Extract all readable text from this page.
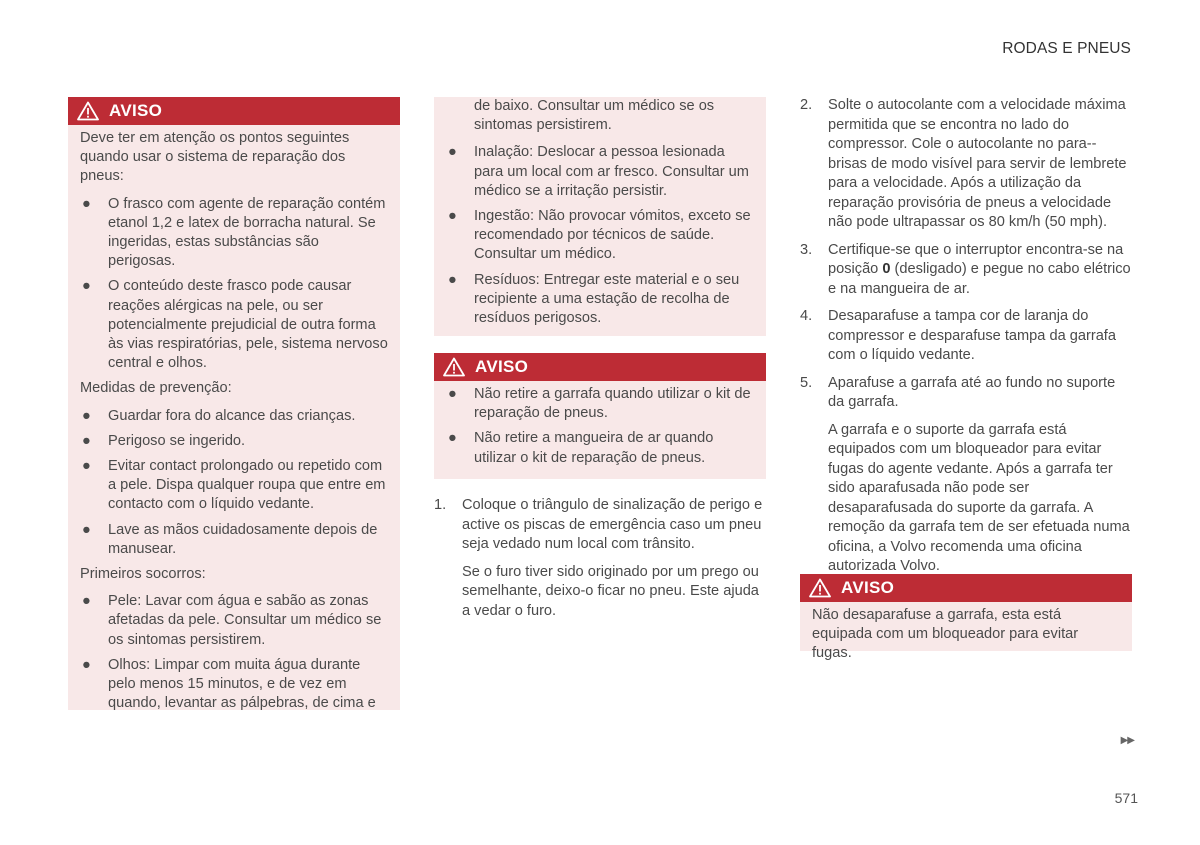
RODAS E PNEUS
▶▶
571
AVISO

Deve ter em atenção os pontos seguintes quando usar o sistema de reparação dos pneus:

● O frasco com agente de reparação contém etanol 1,2 e latex de borracha natural. Se ingeridas, estas substâncias são perigosas.
● O conteúdo deste frasco pode causar reações alérgicas na pele, ou ser potencialmente prejudicial de outra forma às vias respiratórias, pele, sistema nervoso central e olhos.

Medidas de prevenção:

● Guardar fora do alcance das crianças.
● Perigoso se ingerido.
● Evitar contact prolongado ou repetido com a pele. Dispa qualquer roupa que entre em contacto com o líquido vedante.
● Lave as mãos cuidadosamente depois de manusear.

Primeiros socorros:

● Pele: Lavar com água e sabão as zonas afetadas da pele. Consultar um médico se os sintomas persistirem.
● Olhos: Limpar com muita água durante pelo menos 15 minutos, e de vez em quando, levantar as pálpebras, de cima e

de baixo. Consultar um médico se os sintomas persistirem.

● Inalação: Deslocar a pessoa lesionada para um local com ar fresco. Consultar um médico se a irritação persistir.
● Ingestão: Não provocar vómitos, exceto se recomendado por técnicos de saúde. Consultar um médico.
● Resíduos: Entregar este material e o seu recipiente a uma estação de recolha de resíduos perigosos.
AVISO
● Não retire a garrafa quando utilizar o kit de reparação de pneus.
● Não retire a mangueira de ar quando utilizar o kit de reparação de pneus.
1. Coloque o triângulo de sinalização de perigo e active os piscas de emergência caso um pneu seja vedado num local com trânsito.
Se o furo tiver sido originado por um prego ou semelhante, deixo-o ficar no pneu. Este ajuda a vedar o furo.
2. Solte o autocolante com a velocidade máxima permitida que se encontra no lado do compressor. Cole o autocolante no para--brisas de modo visível para servir de lembrete para a velocidade. Após a utilização da reparação provisória de pneus a velocidade não pode ultrapassar os 80 km/h (50 mph).
3. Certifique-se que o interruptor encontra-se na posição 0 (desligado) e pegue no cabo elétrico e na mangueira de ar.
4. Desaparafuse a tampa cor de laranja do compressor e desparafuse tampa da garrafa com o líquido vedante.
5. Aparafuse a garrafa até ao fundo no suporte da garrafa.
A garrafa e o suporte da garrafa está equipados com um bloqueador para evitar fugas do agente vedante. Após a garrafa ter sido aparafusada não pode ser desaparafusada do suporte da garrafa. A remoção da garrafa tem de ser efetuada numa oficina, a Volvo recomenda uma oficina autorizada Volvo.
AVISO

Não desaparafuse a garrafa, esta está equipada com um bloqueador para evitar fugas.
